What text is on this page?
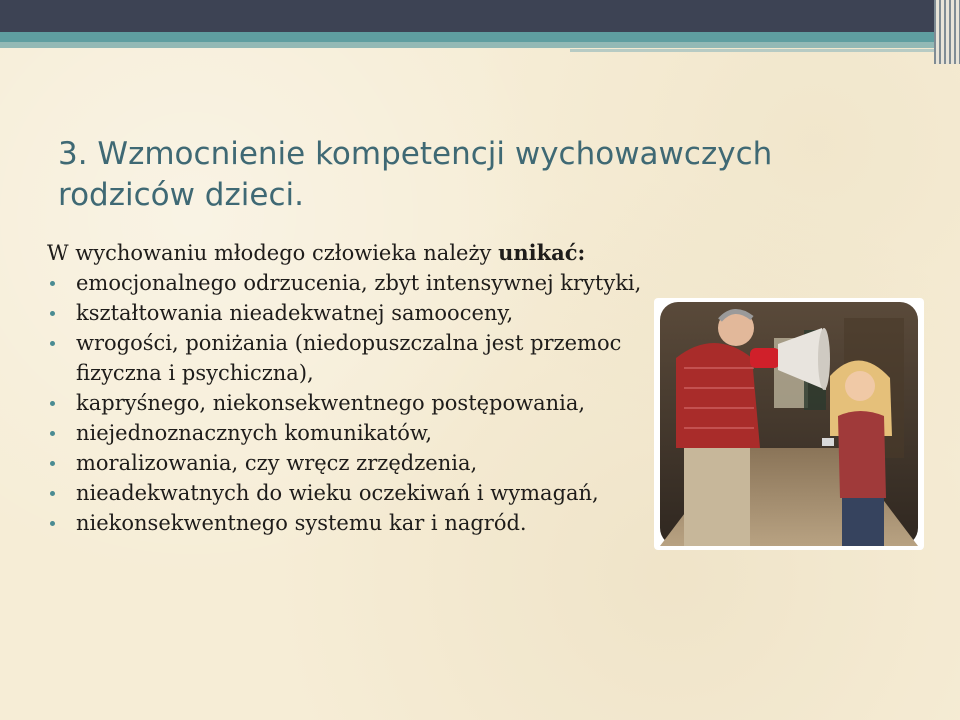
3. Wzmocnienie kompetencji wychowawczych rodziców dzieci.

W wychowaniu młodego człowieka należy unikać:

emocjonalnego odrzucenia, zbyt intensywnej krytyki,
kształtowania nieadekwatnej samooceny,
wrogości, poniżania (niedopuszczalna jest przemoc fizyczna i psychiczna),
kapryśnego, niekonsekwentnego postępowania,
niejednoznacznych komunikatów,
moralizowania, czy wręcz zrzędzenia,
nieadekwatnych do wieku oczekiwań i wymagań,
niekonsekwentnego systemu kar i nagród.
